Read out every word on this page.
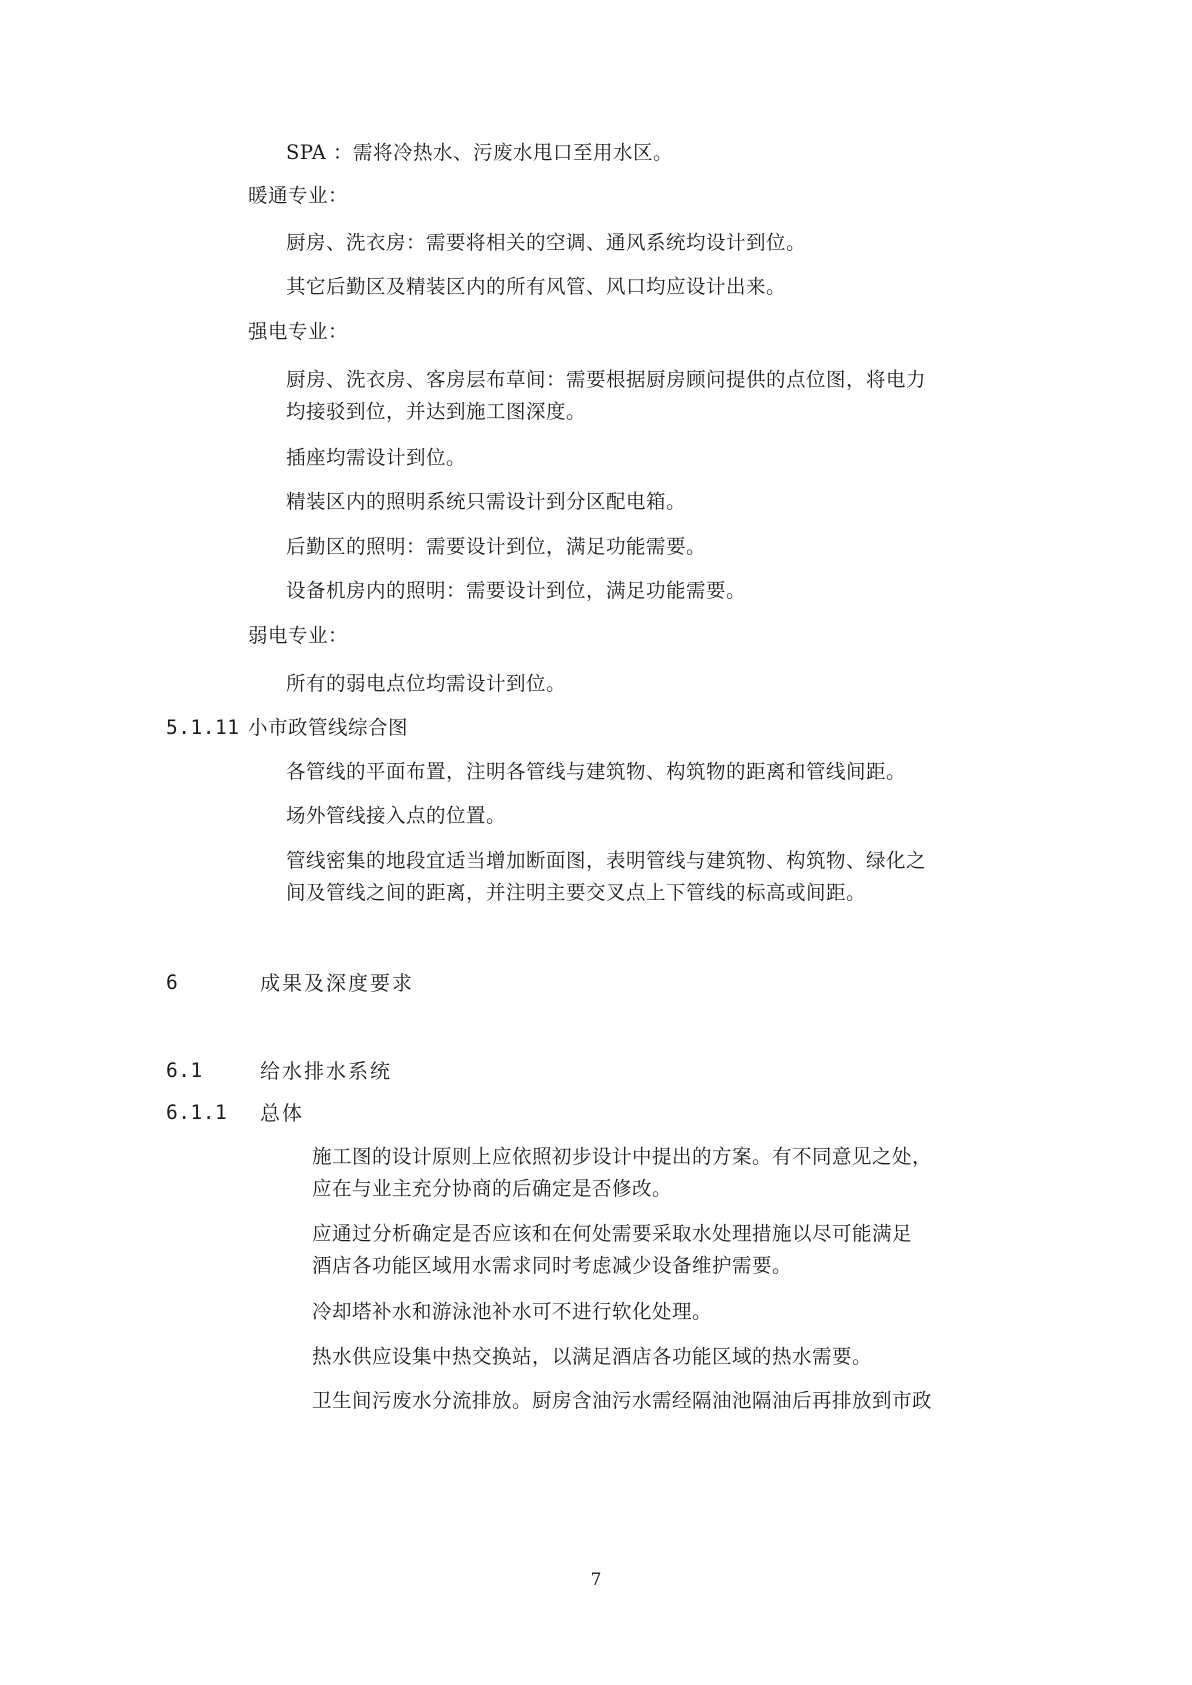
SPA ：需将冷热水、污废水甩口至用水区。
暖通专业：
厨房、洗衣房：需要将相关的空调、通风系统均设计到位。
其它后勤区及精装区内的所有风管、风口均应设计出来。
强电专业：
厨房、洗衣房、客房层布草间：需要根据厨房顾问提供的点位图，将电力
均接驳到位，并达到施工图深度。
插座均需设计到位。
精装区内的照明系统只需设计到分区配电箱。
后勤区的照明：需要设计到位，满足功能需要。
设备机房内的照明：需要设计到位，满足功能需要。
弱电专业：
所有的弱电点位均需设计到位。
5.1.11 小市政管线综合图
各管线的平面布置，注明各管线与建筑物、构筑物的距离和管线间距。
场外管线接入点的位置。
管线密集的地段宜适当增加断面图，表明管线与建筑物、构筑物、绿化之
间及管线之间的距离，并注明主要交叉点上下管线的标高或间距。
6	成果及深度要求
6.1	给水排水系统
6.1.1 总体
施工图的设计原则上应依照初步设计中提出的方案。有不同意见之处，
应在与业主充分协商的后确定是否修改。
应通过分析确定是否应该和在何处需要采取水处理措施以尽可能满足
酒店各功能区域用水需求同时考虑减少设备维护需要。
冷却塔补水和游泳池补水可不进行软化处理。
热水供应设集中热交换站，以满足酒店各功能区域的热水需要。
卫生间污废水分流排放。厨房含油污水需经隔油池隔油后再排放到市政
7
